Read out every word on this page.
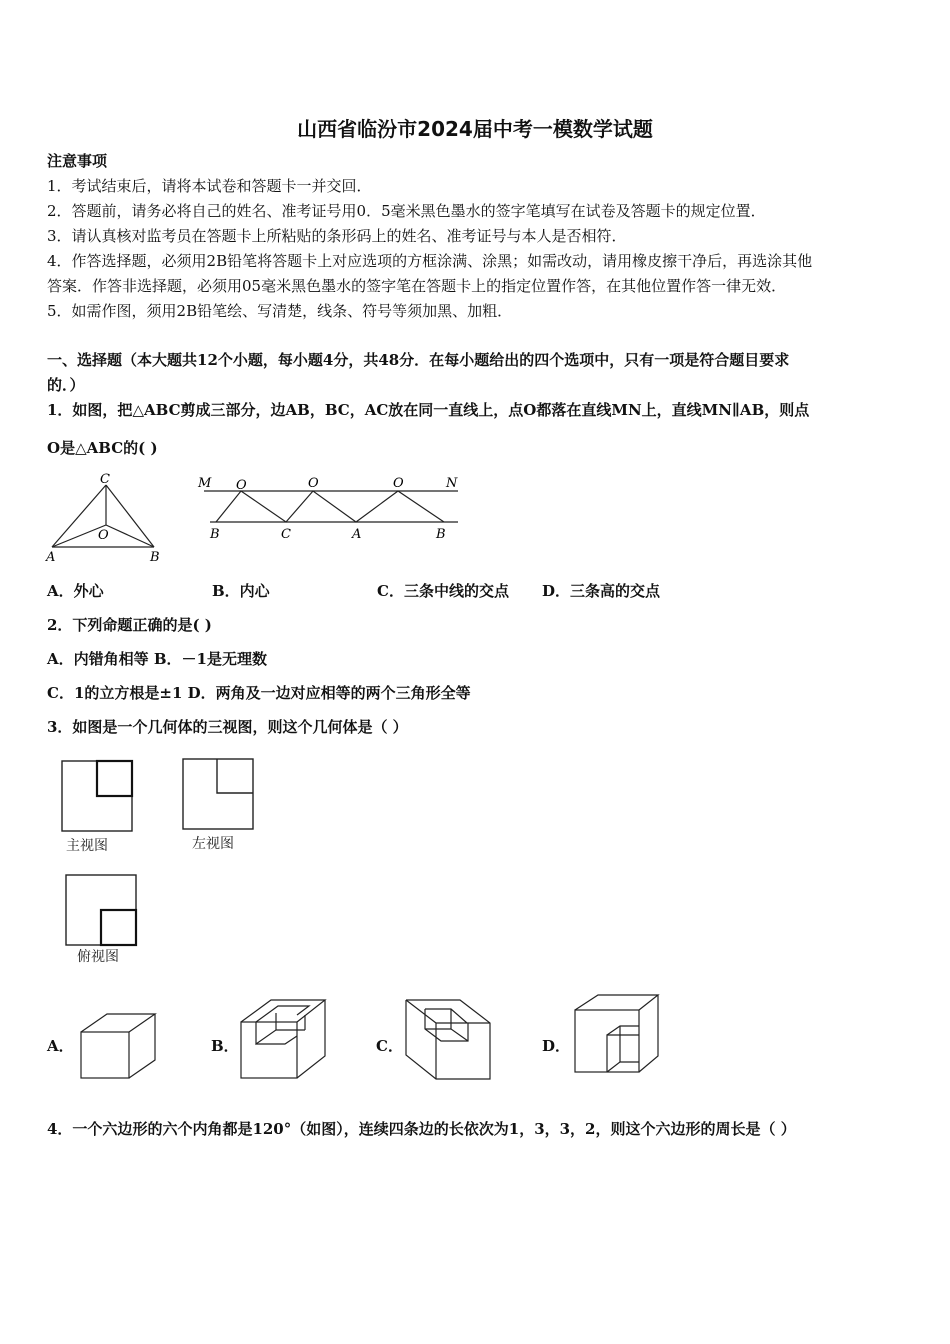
山西省临汾市2024届中考一模数学试题
注意事项
1．考试结束后，请将本试卷和答题卡一并交回．
2．答题前，请务必将自己的姓名、准考证号用0．5毫米黑色墨水的签字笔填写在试卷及答题卡的规定位置．
3．请认真核对监考员在答题卡上所粘贴的条形码上的姓名、准考证号与本人是否相符．
4．作答选择题，必须用2B铅笔将答题卡上对应选项的方框涂满、涂黑；如需改动，请用橡皮擦干净后，再选涂其他
答案．作答非选择题，必须用05毫米黑色墨水的签字笔在答题卡上的指定位置作答，在其他位置作答一律无效．
5．如需作图，须用2B铅笔绘、写清楚，线条、符号等须加黑、加粗．
一、选择题（本大题共12个小题，每小题4分，共48分．在每小题给出的四个选项中，只有一项是符合题目要求
的．）
1．如图，把△ABC剪成三部分，边AB，BC，AC放在同一直线上，点O都落在直线MN上，直线MN∥AB，则点
O是△ABC的( )
C
O
A	B
M O	O	O	N
B	C	A	B
A．外心	B．内心	C．三条中线的交点 D．三条高的交点
2．下列命题正确的是( )
A．内错角相等 B．－1是无理数
C．1的立方根是±1 D．两角及一边对应相等的两个三角形全等
3．如图是一个几何体的三视图，则这个几何体是（ ）
主视图	左视图
俯视图
A．	B．	C．	D．
4．一个六边形的六个内角都是120°（如图），连续四条边的长依次为1，3，3，2，则这个六边形的周长是（ ）
